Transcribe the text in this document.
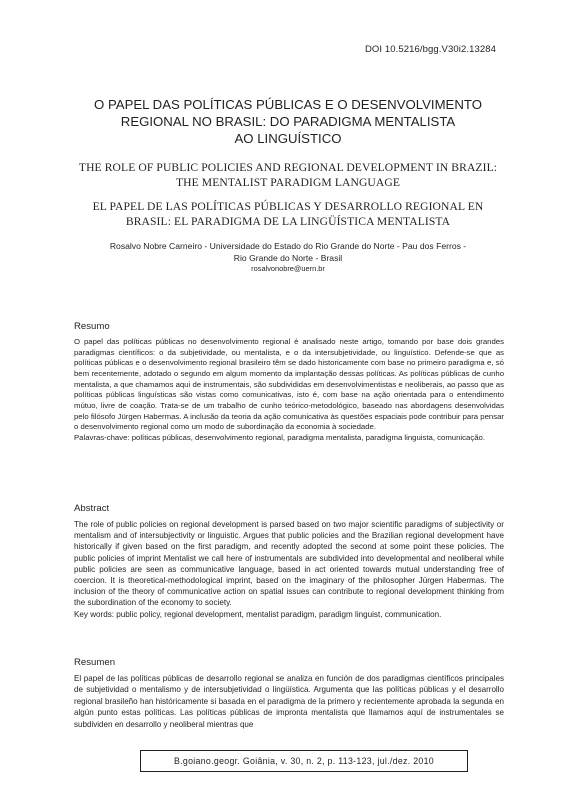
DOI 10.5216/bgg.V30i2.13284
O PAPEL DAS POLÍTICAS PÚBLICAS E O DESENVOLVIMENTO
REGIONAL NO BRASIL: DO PARADIGMA MENTALISTA
AO LINGUÍSTICO
THE ROLE OF PUBLIC POLICIES AND REGIONAL DEVELOPMENT IN BRAZIL:
THE MENTALIST PARADIGM LANGUAGE
EL PAPEL DE LAS POLÍTICAS PÚBLICAS Y DESARROLLO REGIONAL EN
BRASIL: EL PARADIGMA DE LA LINGÜÍSTICA MENTALISTA
Rosalvo Nobre Carneiro - Universidade do Estado do Rio Grande do Norte - Pau dos Ferros -
Rio Grande do Norte - Brasil
rosalvonobre@uern.br
Resumo

O papel das políticas públicas no desenvolvimento regional é analisado neste artigo, tomando por base dois grandes paradigmas científicos: o da subjetividade, ou mentalista, e o da intersubjetividade, ou linguístico. Defende-se que as políticas públicas e o desenvolvimento regional brasileiro têm se dado historicamente com base no primeiro paradigma e, só bem recentemente, adotado o segundo em algum momento da implantação dessas políticas. As políticas públicas de cunho mentalista, a que chamamos aqui de instrumentais, são subdivididas em desenvolvimentistas e neoliberais, ao passo que as políticas públicas linguísticas são vistas como comunicativas, isto é, com base na ação orientada para o entendimento mútuo, livre de coação. Trata-se de um trabalho de cunho teórico-metodológico, baseado nas abordagens desenvolvidas pelo filósofo Jürgen Habermas. A inclusão da teoria da ação comunicativa às questões espaciais pode contribuir para pensar o desenvolvimento regional como um modo de subordinação da economia à sociedade.

Palavras-chave: políticas públicas, desenvolvimento regional, paradigma mentalista, paradigma linguista, comunicação.

Abstract

The role of public policies on regional development is parsed based on two major scientific paradigms of subjectivity or mentalism and of intersubjectivity or linguistic. Argues that public policies and the Brazilian regional development have historically if given based on the first paradigm, and recently adopted the second at some point these policies. The public policies of imprint Mentalist we call here of instrumentals are subdivided into developmental and neoliberal while public policies are seen as communicative language, based in act oriented towards mutual understanding free of coercion. It is theoretical-methodological imprint, based on the imaginary of the philosopher Jürgen Habermas. The inclusion of the theory of communicative action on spatial issues can contribute to regional development thinking from the subordination of the economy to society.

Key words: public policy, regional development, mentalist paradigm, paradigm linguist, communication.

Resumen

El papel de las políticas públicas de desarrollo regional se analiza en función de dos paradigmas científicos principales de subjetividad o mentalismo y de intersubjetividad o lingüística. Argumenta que las políticas públicas y el desarrollo regional brasileño han históricamente si basada en el paradigma de la primero y recientemente aprobada la segunda en algún punto estas políticas. Las políticas públicas de impronta mentalista que llamamos aquí de instrumentales se subdividen en desarrollo y neoliberal mientras que

B.goiano.geogr. Goiânia, v. 30, n. 2, p. 113-123, jul./dez. 2010
